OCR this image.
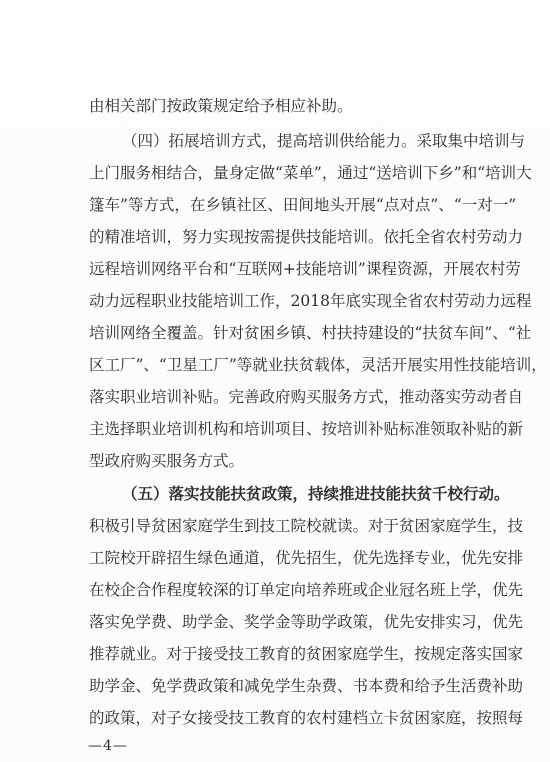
由相关部门按政策规定给予相应补助。
（四）拓展培训方式，提高培训供给能力。采取集中培训与
上门服务相结合，量身定做“菜单”，通过“送培训下乡”和“培训大
篷车”等方式，在乡镇社区、田间地头开展“点对点”、“一对一”
的精准培训，努力实现按需提供技能培训。依托全省农村劳动力
远程培训网络平台和“互联网+技能培训”课程资源，开展农村劳
动力远程职业技能培训工作，2018年底实现全省农村劳动力远程
培训网络全覆盖。针对贫困乡镇、村扶持建设的“扶贫车间”、“社
区工厂”、“卫星工厂”等就业扶贫载体，灵活开展实用性技能培训，
落实职业培训补贴。完善政府购买服务方式，推动落实劳动者自
主选择职业培训机构和培训项目、按培训补贴标准领取补贴的新
型政府购买服务方式。
（五）落实技能扶贫政策，持续推进技能扶贫千校行动。
积极引导贫困家庭学生到技工院校就读。对于贫困家庭学生，技
工院校开辟招生绿色通道，优先招生，优先选择专业，优先安排
在校企合作程度较深的订单定向培养班或企业冠名班上学，优先
落实免学费、助学金、奖学金等助学政策，优先安排实习，优先
推荐就业。对于接受技工教育的贫困家庭学生，按规定落实国家
助学金、免学费政策和减免学生杂费、书本费和给予生活费补助
的政策，对子女接受技工教育的农村建档立卡贫困家庭，按照每
—4—
